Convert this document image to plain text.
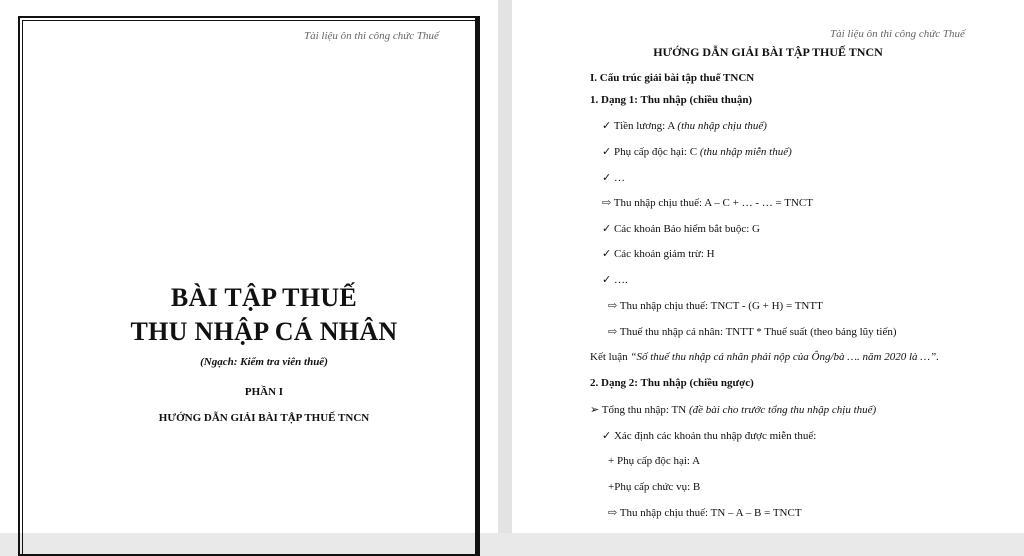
Tài liệu ôn thi công chức Thuế
BÀI TẬP THUẾ
THU NHẬP CÁ NHÂN
(Ngạch: Kiểm tra viên thuế)
PHẦN I
HƯỚNG DẪN GIẢI BÀI TẬP THUẾ TNCN
Tài liệu ôn thi công chức Thuế
HƯỚNG DẪN GIẢI BÀI TẬP THUẾ TNCN
I. Cấu trúc giải bài tập thuế TNCN
1. Dạng 1: Thu nhập (chiều thuận)
✓ Tiền lương: A (thu nhập chịu thuế)
✓ Phụ cấp độc hại: C (thu nhập miễn thuế)
✓ …
⇨ Thu nhập chịu thuế: A – C + … - … = TNCT
✓ Các khoản Bảo hiểm bắt buộc: G
✓ Các khoản giảm trừ: H
✓ ….
⇨ Thu nhập chịu thuế: TNCT - (G + H) = TNTT
⇨ Thuế thu nhập cá nhân: TNTT * Thuế suất (theo bảng lũy tiến)
Kết luận “Số thuế thu nhập cá nhân phải nộp của Ông/bà …. năm 2020 là …”.
2. Dạng 2: Thu nhập (chiều ngược)
➢ Tổng thu nhập: TN (đề bài cho trước tổng thu nhập chịu thuế)
✓ Xác định các khoản thu nhập được miễn thuế:
+ Phụ cấp độc hại: A
+Phụ cấp chức vụ: B
⇨ Thu nhập chịu thuế: TN – A – B = TNCT
